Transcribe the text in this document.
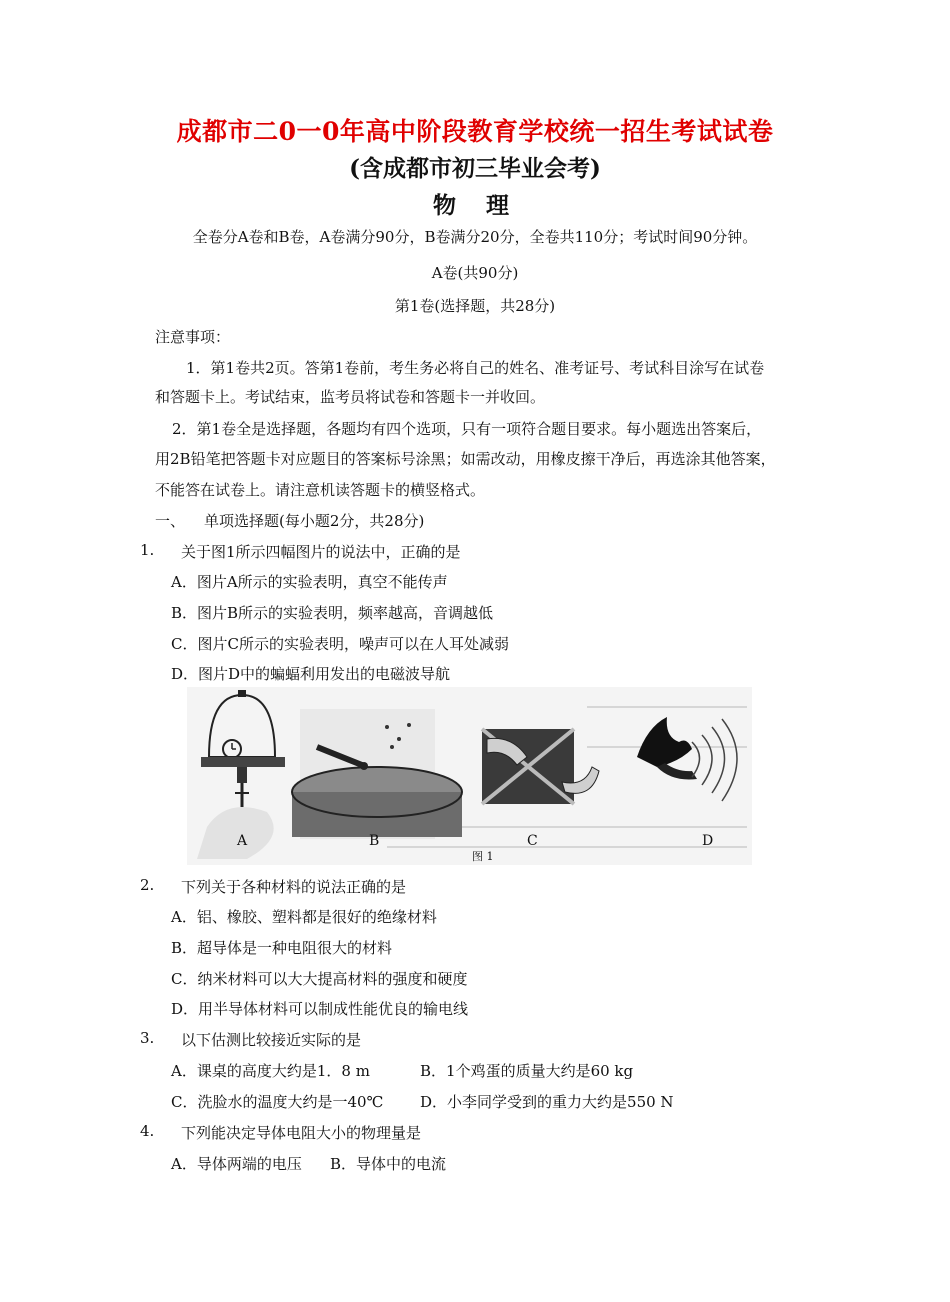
成都市二0一0年高中阶段教育学校统一招生考试试卷
(含成都市初三毕业会考)
物理
全卷分A卷和B卷，A卷满分90分，B卷满分20分，全卷共110分；考试时间90分钟。
A卷(共90分)
第1卷(选择题，共28分)
注意事项：
1．第1卷共2页。答第1卷前，考生务必将自己的姓名、准考证号、考试科目涂写在试卷
和答题卡上。考试结束，监考员将试卷和答题卡一并收回。
2．第1卷全是选择题，各题均有四个选项，只有一项符合题目要求。每小题选出答案后，
用2B铅笔把答题卡对应题目的答案标号涂黑；如需改动，用橡皮擦干净后，再选涂其他答案，
不能答在试卷上。请注意机读答题卡的横竖格式。
一、 单项选择题(每小题2分，共28分)
1. 关于图1所示四幅图片的说法中，正确的是
A．图片A所示的实验表明，真空不能传声
B．图片B所示的实验表明，频率越高，音调越低
C．图片C所示的实验表明，噪声可以在人耳处减弱
D．图片D中的蝙蝠利用发出的电磁波导航
A	B	C	D
图 1
2. 下列关于各种材料的说法正确的是
A．铝、橡胶、塑料都是很好的绝缘材料
B．超导体是一种电阻很大的材料
C．纳米材料可以大大提高材料的强度和硬度
D．用半导体材料可以制成性能优良的输电线
3. 以下估测比较接近实际的是
A．课桌的高度大约是1．8 m	B．1个鸡蛋的质量大约是60 kg
C．洗脸水的温度大约是一40℃ D．小李同学受到的重力大约是550 N
4. 下列能决定导体电阻大小的物理量是
A．导体两端的电压 B．导体中的电流
